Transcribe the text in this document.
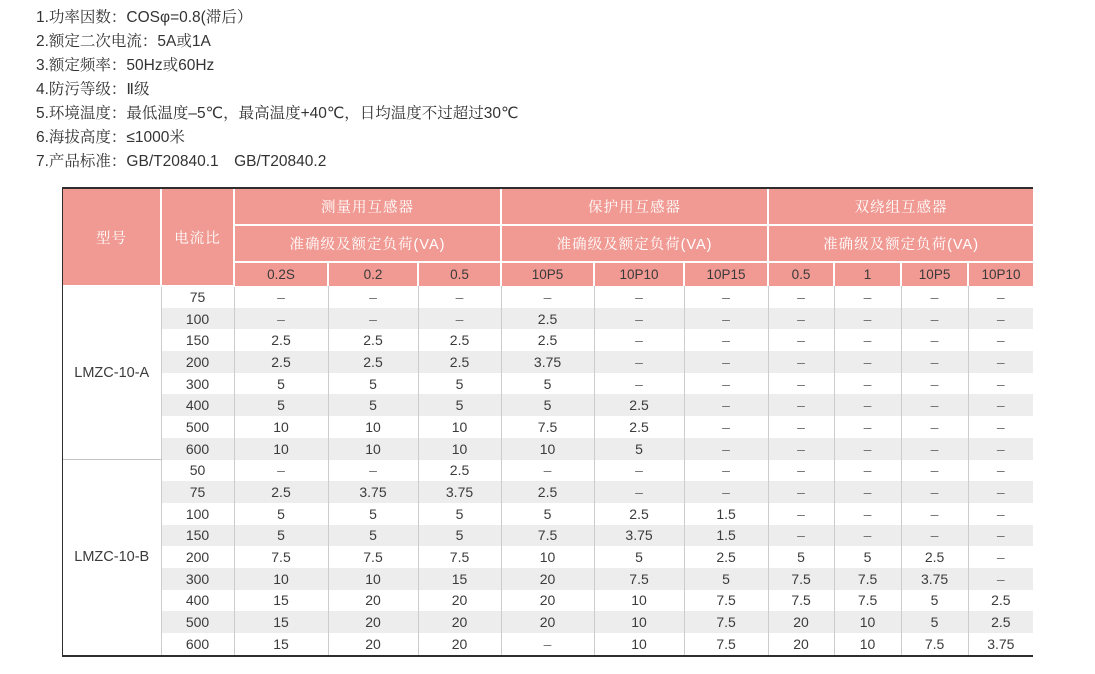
1.功率因数：COSφ=0.8(滞后）
2.额定二次电流：5A或1A
3.额定频率：50Hz或60Hz
4.防污等级：Ⅱ级
5.环境温度：最低温度–5℃，最高温度+40℃，日均温度不过超过30℃
6.海拔高度：≤1000米
7.产品标准：GB/T20840.1　GB/T20840.2
型号	电流比	测量用互感器			保护用互感器			双绕组互感器			
		准确级及额定负荷(VA)			准确级及额定负荷(VA)			准确级及额定负荷(VA)			
		0.2S	0.2	0.5	10P5	10P10	10P15	0.5	1	10P5	10P10
LMZC-10-A	75	–	–	–	–	–	–	–	–	–	–
	100	–	–	–	2.5	–	–	–	–	–	–
	150	2.5	2.5	2.5	2.5	–	–	–	–	–	–
	200	2.5	2.5	2.5	3.75	–	–	–	–	–	–
	300	5	5	5	5	–	–	–	–	–	–
	400	5	5	5	5	2.5	–	–	–	–	–
	500	10	10	10	7.5	2.5	–	–	–	–	–
	600	10	10	10	10	5	–	–	–	–	–
LMZC-10-B	50	–	–	2.5	–	–	–	–	–	–	–
	75	2.5	3.75	3.75	2.5	–	–	–	–	–	–
	100	5	5	5	5	2.5	1.5	–	–	–	–
	150	5	5	5	7.5	3.75	1.5	–	–	–	–
	200	7.5	7.5	7.5	10	5	2.5	5	5	2.5	–
	300	10	10	15	20	7.5	5	7.5	7.5	3.75	–
	400	15	20	20	20	10	7.5	7.5	7.5	5	2.5
	500	15	20	20	20	10	7.5	20	10	5	2.5
	600	15	20	20	–	10	7.5	20	10	7.5	3.75
